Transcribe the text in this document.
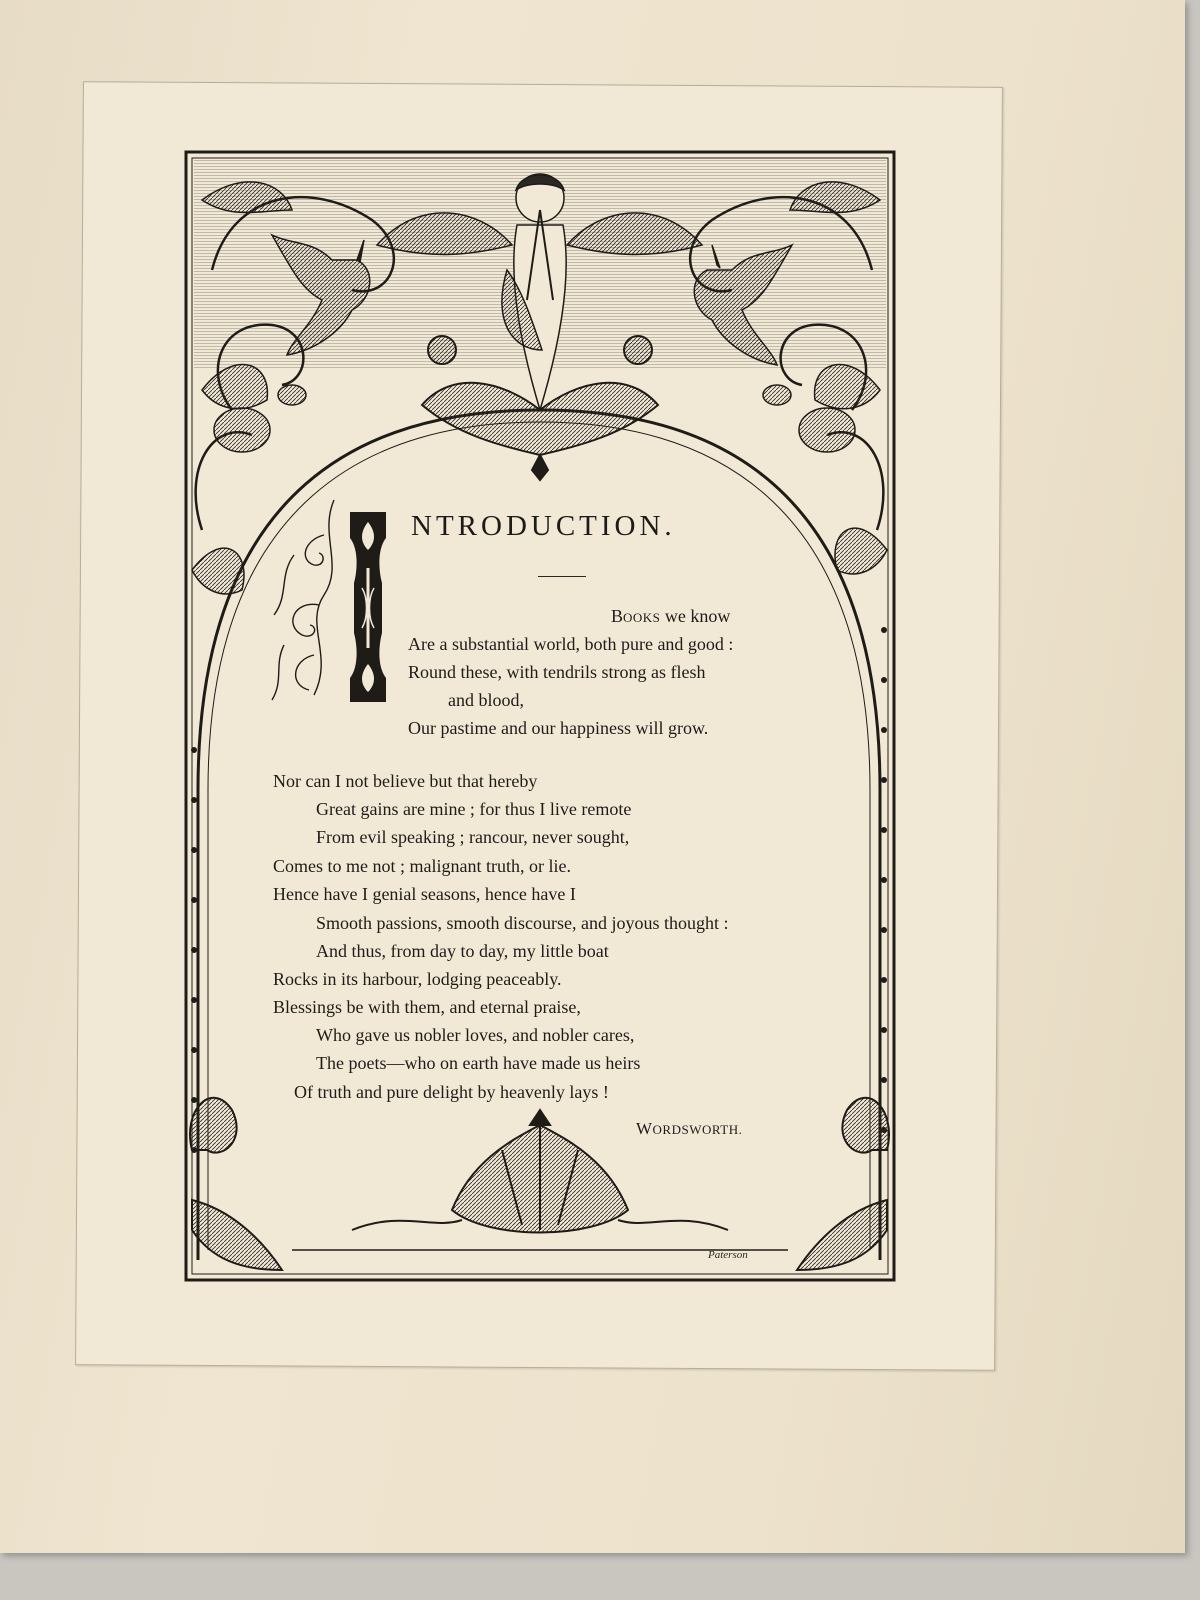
NTRODUCTION.
BOOKS we know
Are a substantial world, both pure and good :
Round these, with tendrils strong as flesh
and blood,
Our pastime and our happiness will grow.
Nor can I not believe but that hereby
Great gains are mine ; for thus I live remote
From evil speaking ; rancour, never sought,
Comes to me not ; malignant truth, or lie.
Hence have I genial seasons, hence have I
Smooth passions, smooth discourse, and joyous thought :
And thus, from day to day, my little boat
Rocks in its harbour, lodging peaceably.
Blessings be with them, and eternal praise,
Who gave us nobler loves, and nobler cares,
The poets—who on earth have made us heirs
Of truth and pure delight by heavenly lays !
WORDSWORTH.
Paterson
